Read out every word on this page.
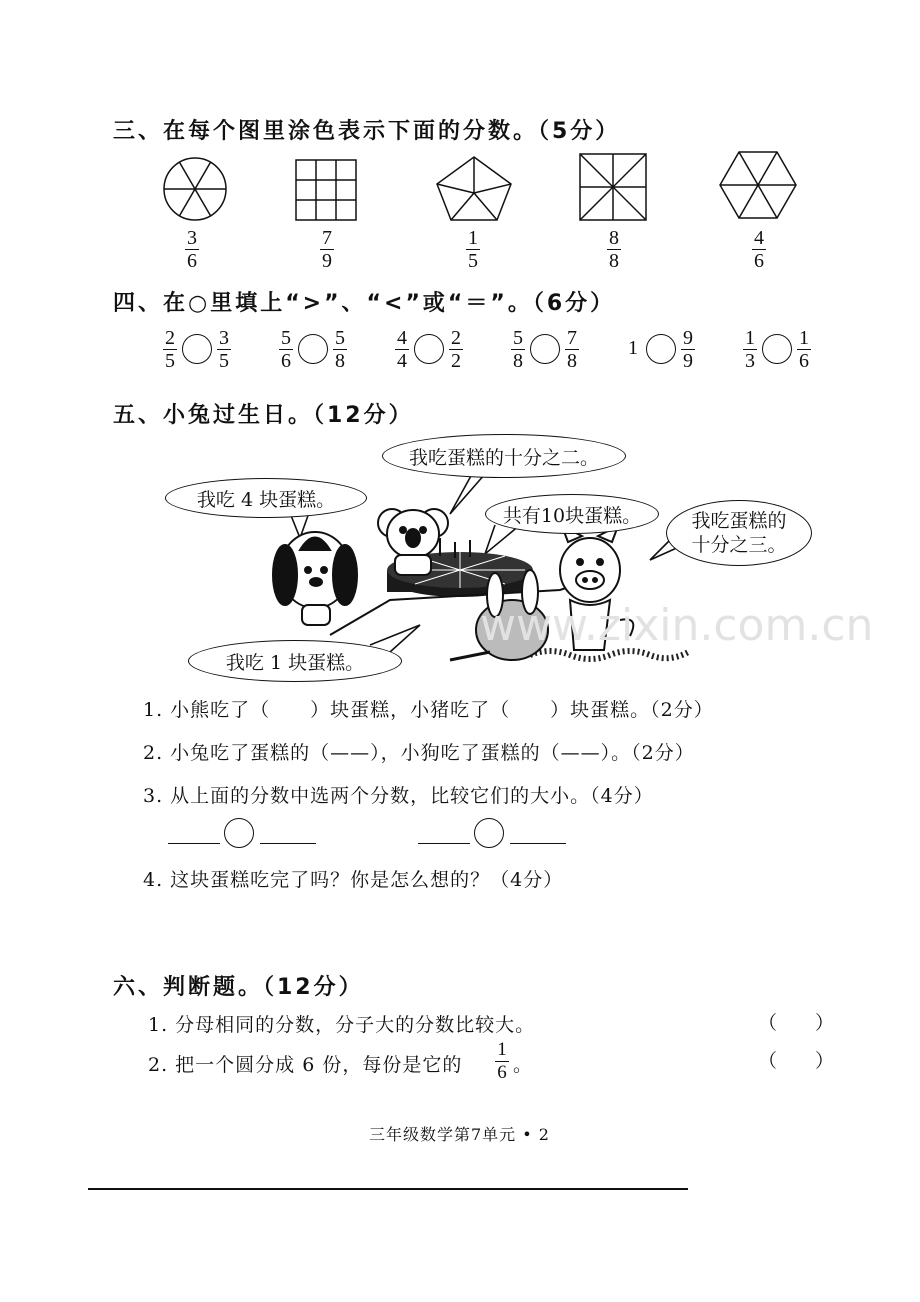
三、在每个图里涂色表示下面的分数。（5分）
3
6
7
9
1
5
8
8
4
6
四、在○里填上“>”、“<”或“＝”。（6分）
2
5
3
5
5
6
5
8
4
4
2
2
5
8
7
8
1 9
9
1
3
1
6
五、小兔过生日。（12分）
我吃蛋糕的十分之二。
我吃 4 块蛋糕。
共有10块蛋糕。	我吃蛋糕的
十分之三。
我吃 1 块蛋糕。
www.zixin.com.cn
1. 小熊吃了（　　）块蛋糕，小猪吃了（　　）块蛋糕。（2分）
2. 小兔吃了蛋糕的（——），小狗吃了蛋糕的（——）。（2分）
3. 从上面的分数中选两个分数，比较它们的大小。（4分）
4. 这块蛋糕吃完了吗？你是怎么想的？（4分）
六、判断题。（12分）
1. 分母相同的分数，分子大的分数比较大。	（　　）
2. 把一个圆分成 6 份，每份是它的
1
6 。	（　　）
三年级数学第7单元 • 2
